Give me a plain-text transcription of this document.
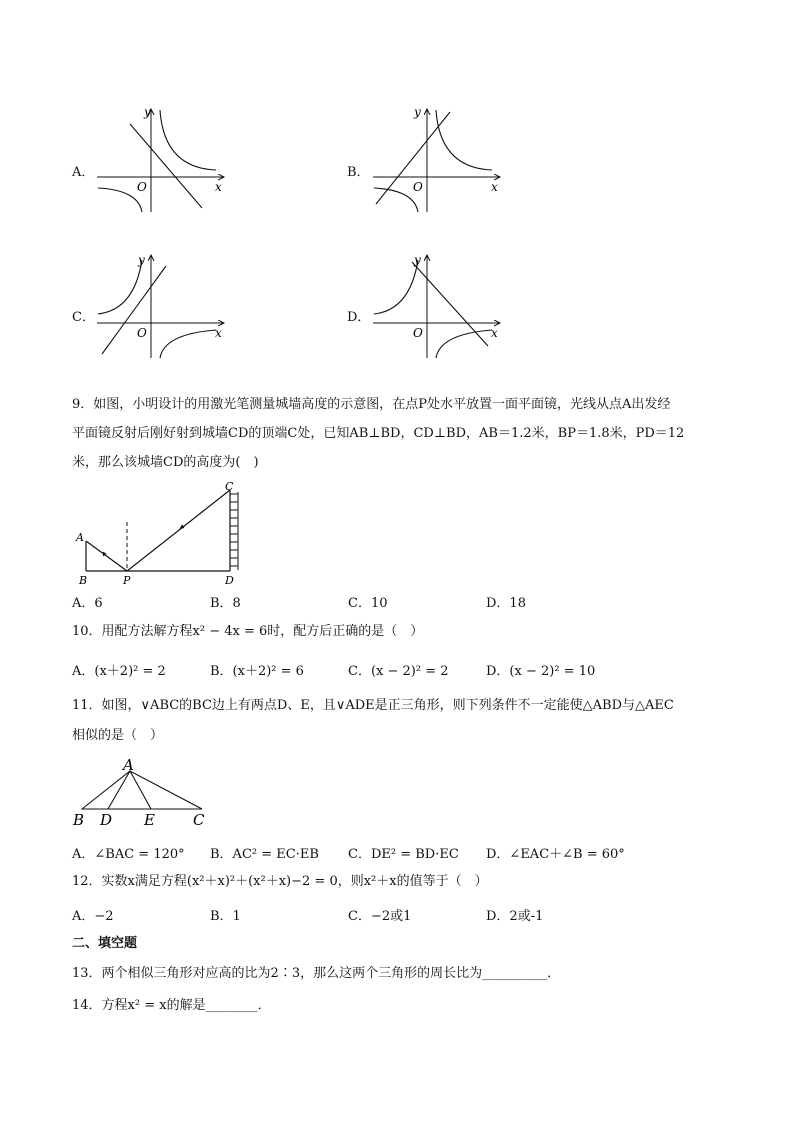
A．
y
x
O
B．
y
x
O
C．
y
x
O
D．
y
x
O
9．如图，小明设计的用激光笔测量城墙高度的示意图，在点P处水平放置一面平面镜，光线从点A出发经
平面镜反射后刚好射到城墙CD的顶端C处，已知AB⊥BD，CD⊥BD，AB＝1.2米，BP＝1.8米，PD＝12
米，那么该城墙CD的高度为(　)
A
B	P
C
D
A．6	B．8	C．10	D．18
10．用配方法解方程x² − 4x = 6时，配方后正确的是（　）
A．(x＋2)² = 2	B．(x＋2)² = 6	C．(x − 2)² = 2	D．(x − 2)² = 10
11．如图，∨ABC的BC边上有两点D、E，且∨ADE是正三角形，则下列条件不一定能使△ABD与△AEC
相似的是（　）
A
B D E	C
A．∠BAC = 120° B．AC² = EC·EB C．DE² = BD·EC D．∠EAC＋∠B = 60°
12．实数x满足方程(x²＋x)²＋(x²＋x)−2 = 0，则x²＋x的值等于（　）
A．−2	B．1	C．−2或1	D．2或-1
二、填空题
13．两个相似三角形对应高的比为2∶3，那么这两个三角形的周长比为__________．
14．方程x² = x的解是________．
